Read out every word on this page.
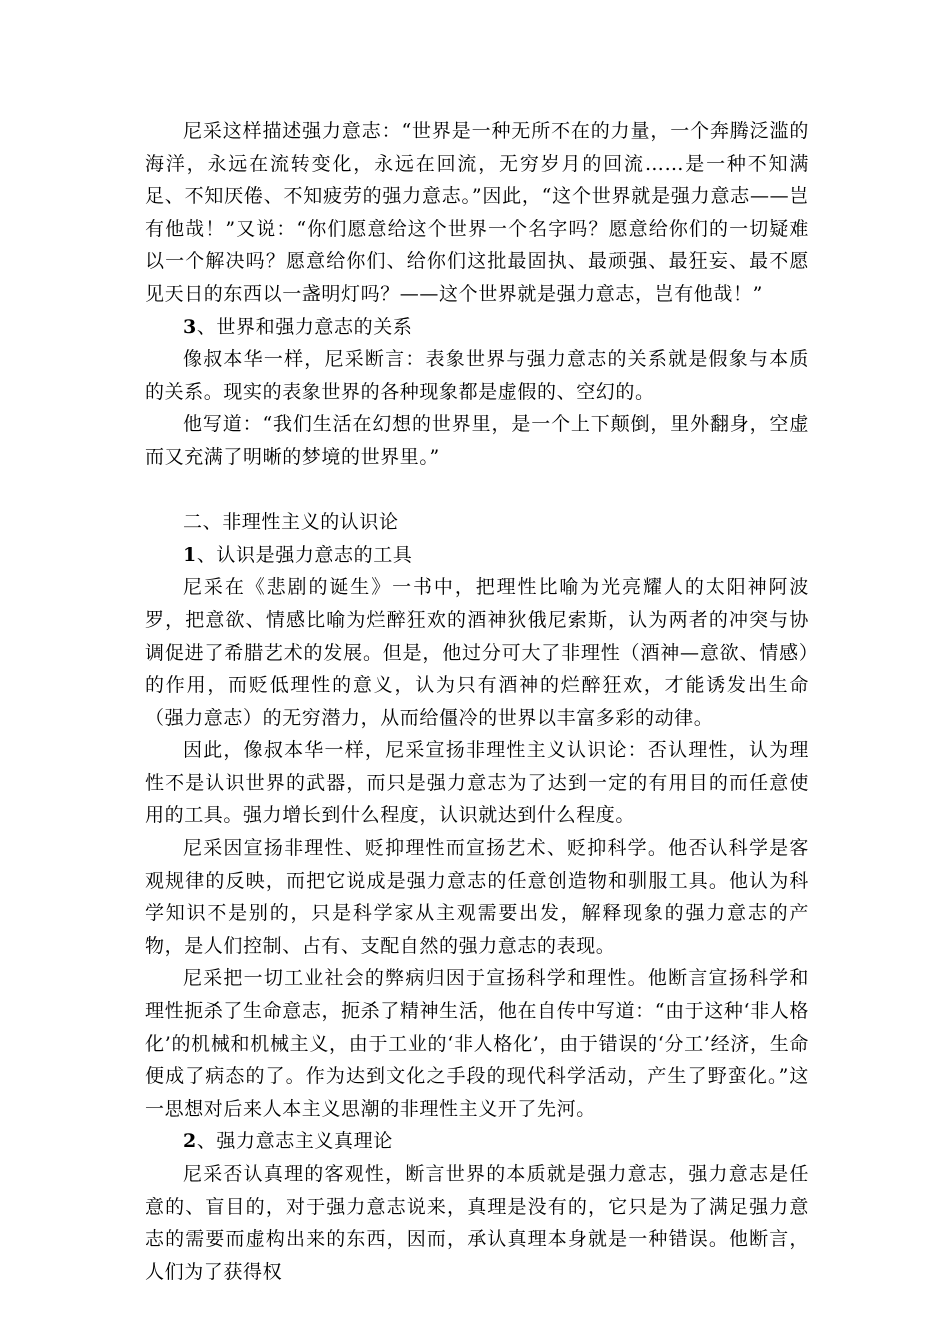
尼采这样描述强力意志：“世界是一种无所不在的力量，一个奔腾泛滥的海洋，永远在流转变化，永远在回流，无穷岁月的回流……是一种不知满足、不知厌倦、不知疲劳的强力意志。”因此，“这个世界就是强力意志——岂有他哉！”又说：“你们愿意给这个世界一个名字吗？愿意给你们的一切疑难以一个解决吗？愿意给你们、给你们这批最固执、最顽强、最狂妄、最不愿见天日的东西以一盏明灯吗？——这个世界就是强力意志，岂有他哉！”

3、世界和强力意志的关系

像叔本华一样，尼采断言：表象世界与强力意志的关系就是假象与本质的关系。现实的表象世界的各种现象都是虚假的、空幻的。

他写道：“我们生活在幻想的世界里，是一个上下颠倒，里外翻身，空虚而又充满了明晰的梦境的世界里。”

二、非理性主义的认识论

1、认识是强力意志的工具

尼采在《悲剧的诞生》一书中，把理性比喻为光亮耀人的太阳神阿波罗，把意欲、情感比喻为烂醉狂欢的酒神狄俄尼索斯，认为两者的冲突与协调促进了希腊艺术的发展。但是，他过分可大了非理性（酒神—意欲、情感）的作用，而贬低理性的意义，认为只有酒神的烂醉狂欢，才能诱发出生命（强力意志）的无穷潜力，从而给僵冷的世界以丰富多彩的动律。

因此，像叔本华一样，尼采宣扬非理性主义认识论：否认理性，认为理性不是认识世界的武器，而只是强力意志为了达到一定的有用目的而任意使用的工具。强力增长到什么程度，认识就达到什么程度。

尼采因宣扬非理性、贬抑理性而宣扬艺术、贬抑科学。他否认科学是客观规律的反映，而把它说成是强力意志的任意创造物和驯服工具。他认为科学知识不是别的，只是科学家从主观需要出发，解释现象的强力意志的产物，是人们控制、占有、支配自然的强力意志的表现。

尼采把一切工业社会的弊病归因于宣扬科学和理性。他断言宣扬科学和理性扼杀了生命意志，扼杀了精神生活，他在自传中写道：“由于这种‘非人格化’的机械和机械主义，由于工业的‘非人格化’，由于错误的‘分工’经济，生命便成了病态的了。作为达到文化之手段的现代科学活动，产生了野蛮化。”这一思想对后来人本主义思潮的非理性主义开了先河。

2、强力意志主义真理论

尼采否认真理的客观性，断言世界的本质就是强力意志，强力意志是任意的、盲目的，对于强力意志说来，真理是没有的，它只是为了满足强力意志的需要而虚构出来的东西，因而，承认真理本身就是一种错误。他断言，人们为了获得权
